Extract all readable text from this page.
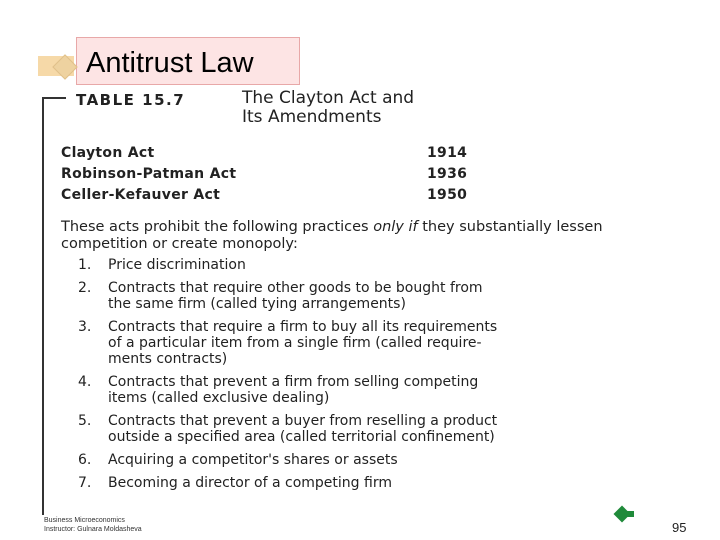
Antitrust Law
TABLE 15.7	The Clayton Act and
Its Amendments
Clayton Act	1914
Robinson-Patman Act	1936
Celler-Kefauver Act	1950
These acts prohibit the following practices only if they substantially lessen competition or create monopoly:
1.	Price discrimination
2.	Contracts that require other goods to be bought from
the same firm (called tying arrangements)
3.	Contracts that require a firm to buy all its requirements
of a particular item from a single firm (called require-
ments contracts)
4.	Contracts that prevent a firm from selling competing
items (called exclusive dealing)
5.	Contracts that prevent a buyer from reselling a product
outside a specified area (called territorial confinement)
6.	Acquiring a competitor's shares or assets
7.	Becoming a director of a competing firm
Business Microeconomics
Instructor: Gulnara Moldasheva	95
